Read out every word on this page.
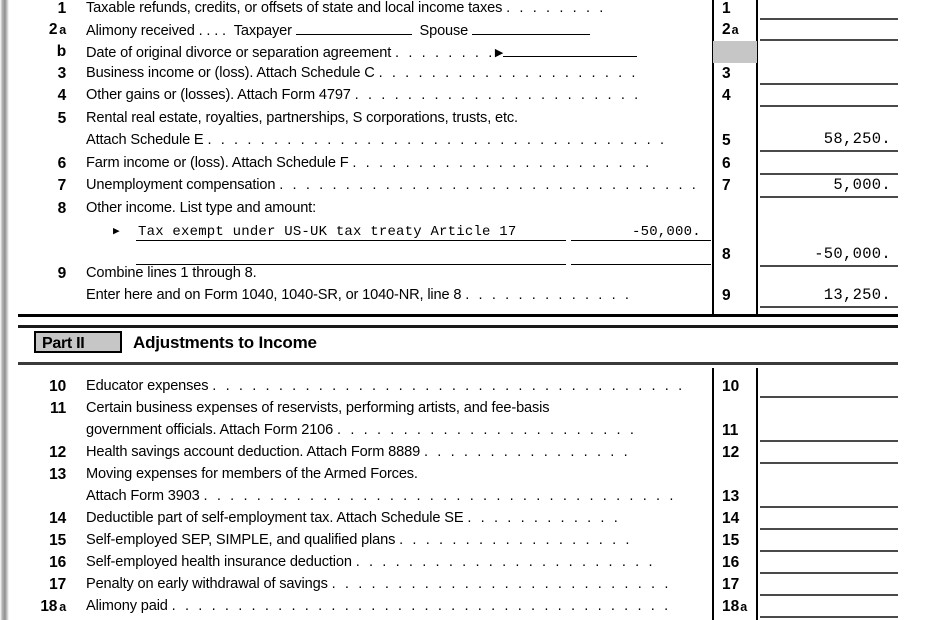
1 Taxable refunds, credits, or offsets of state and local income taxes . . . . . . . .	1
2 a Alimony received . . . . Taxpayer	Spouse	2a
b Date of original divorce or separation agreement . . . . . . . .▶
3 Business income or (loss). Attach Schedule C . . . . . . . . . . . . . . . . . . . .	3
4 Other gains or (losses). Attach Form 4797 . . . . . . . . . . . . . . . . . . . . . .	4
5 Rental real estate, royalties, partnerships, S corporations, trusts, etc.
Attach Schedule E . . . . . . . . . . . . . . . . . . . . . . . . . . . . . . . . . . .	5	58,250.
6 Farm income or (loss). Attach Schedule F . . . . . . . . . . . . . . . . . . . . . . .	6
7 Unemployment compensation . . . . . . . . . . . . . . . . . . . . . . . . . . . . . . . .	7	5,000.
8 Other income. List type and amount:
▶ Tax exempt under US-UK tax treaty Article 17	-50,000.
8	-50,000.
9 Combine lines 1 through 8.
Enter here and on Form 1040, 1040-SR, or 1040-NR, line 8 . . . . . . . . . . . . .	9	13,250.
Part II	Adjustments to Income
10 Educator expenses . . . . . . . . . . . . . . . . . . . . . . . . . . . . . . . . . . . .	10
11 Certain business expenses of reservists, performing artists, and fee-basis
government officials. Attach Form 2106 . . . . . . . . . . . . . . . . . . . . . . .	11
12 Health savings account deduction. Attach Form 8889 . . . . . . . . . . . . . . . .	12
13 Moving expenses for members of the Armed Forces.
Attach Form 3903 . . . . . . . . . . . . . . . . . . . . . . . . . . . . . . . . . . . .	13
14 Deductible part of self-employment tax. Attach Schedule SE . . . . . . . . . . . .	14
15 Self-employed SEP, SIMPLE, and qualified plans . . . . . . . . . . . . . . . . . .	15
16 Self-employed health insurance deduction . . . . . . . . . . . . . . . . . . . . . . .	16
17 Penalty on early withdrawal of savings . . . . . . . . . . . . . . . . . . . . . . . . . .	17
18 a Alimony paid . . . . . . . . . . . . . . . . . . . . . . . . . . . . . . . . . . . . . .	18a
